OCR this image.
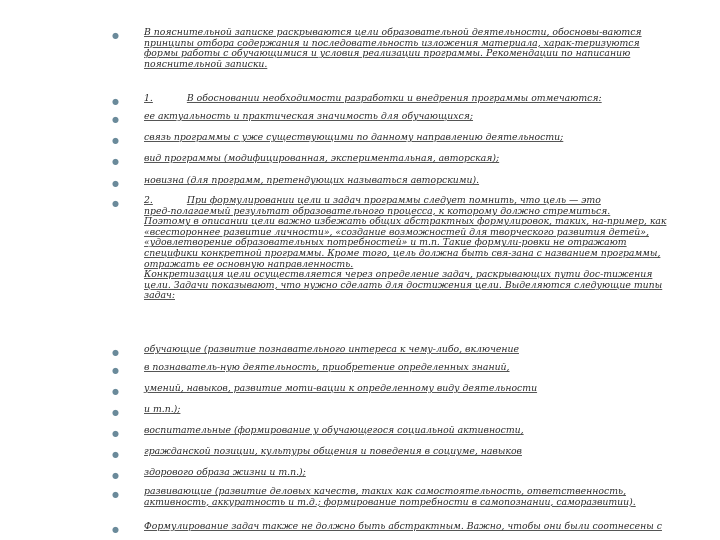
●	В пояснительной записке раскрываются цели образовательной деятельности, обосновы-ваются
принципы отбора содержания и последовательность изложения материала, харак-теризуются
формы работы с обучающимися и условия реализации программы. Рекомендации по написанию
пояснительной записки.
●	1.	В обосновании необходимости разработки и внедрения программы отмечаются:
●	ее актуальность и практическая значимость для обучающихся;
●	связь программы с уже существующими по данному направлению деятельности;
●	вид программы (модифицированная, экспериментальная, авторская);
●	новизна (для программ, претендующих называться авторскими).
●	2.	При формулировании цели и задач программы следует помнить, что цель — это
пред-полагаемый результат образовательного процесса, к которому должно стремиться.
Поэтому в описании цели важно избежать общих абстрактных формулировок, таких, на-пример, как
«всестороннее развитие личности», «создание возможностей для творческого развития детей»,
«удовлетворение образовательных потребностей» и т.п. Такие формули-ровки не отражают
специфики конкретной программы. Кроме того, цель должна быть свя-зана с названием программы,
отражать ее основную направленность.
Конкретизация цели осуществляется через определение задач, раскрывающих пути дос-тижения
цели. Задачи показывают, что нужно сделать для достижения цели. Выделяются следующие типы
задач:
●	обучающие (развитие познавательного интереса к чему-либо, включение
●	в познаватель-ную деятельность, приобретение определенных знаний,
●	умений, навыков, развитие моти-вации к определенному виду деятельности
●	и т.п.);
●	воспитательные (формирование у обучающегося социальной активности,
●	гражданской позиции, культуры общения и поведения в социуме, навыков
●	здорового образа жизни и т.п.);
●	развивающие (развитие деловых качеств, таких как самостоятельность, ответственность,
активность, аккуратность и т.д.; формирование потребности в самопознании, саморазвитии).
●	Формулирование задач также не должно быть абстрактным. Важно, чтобы они были соотнесены с
